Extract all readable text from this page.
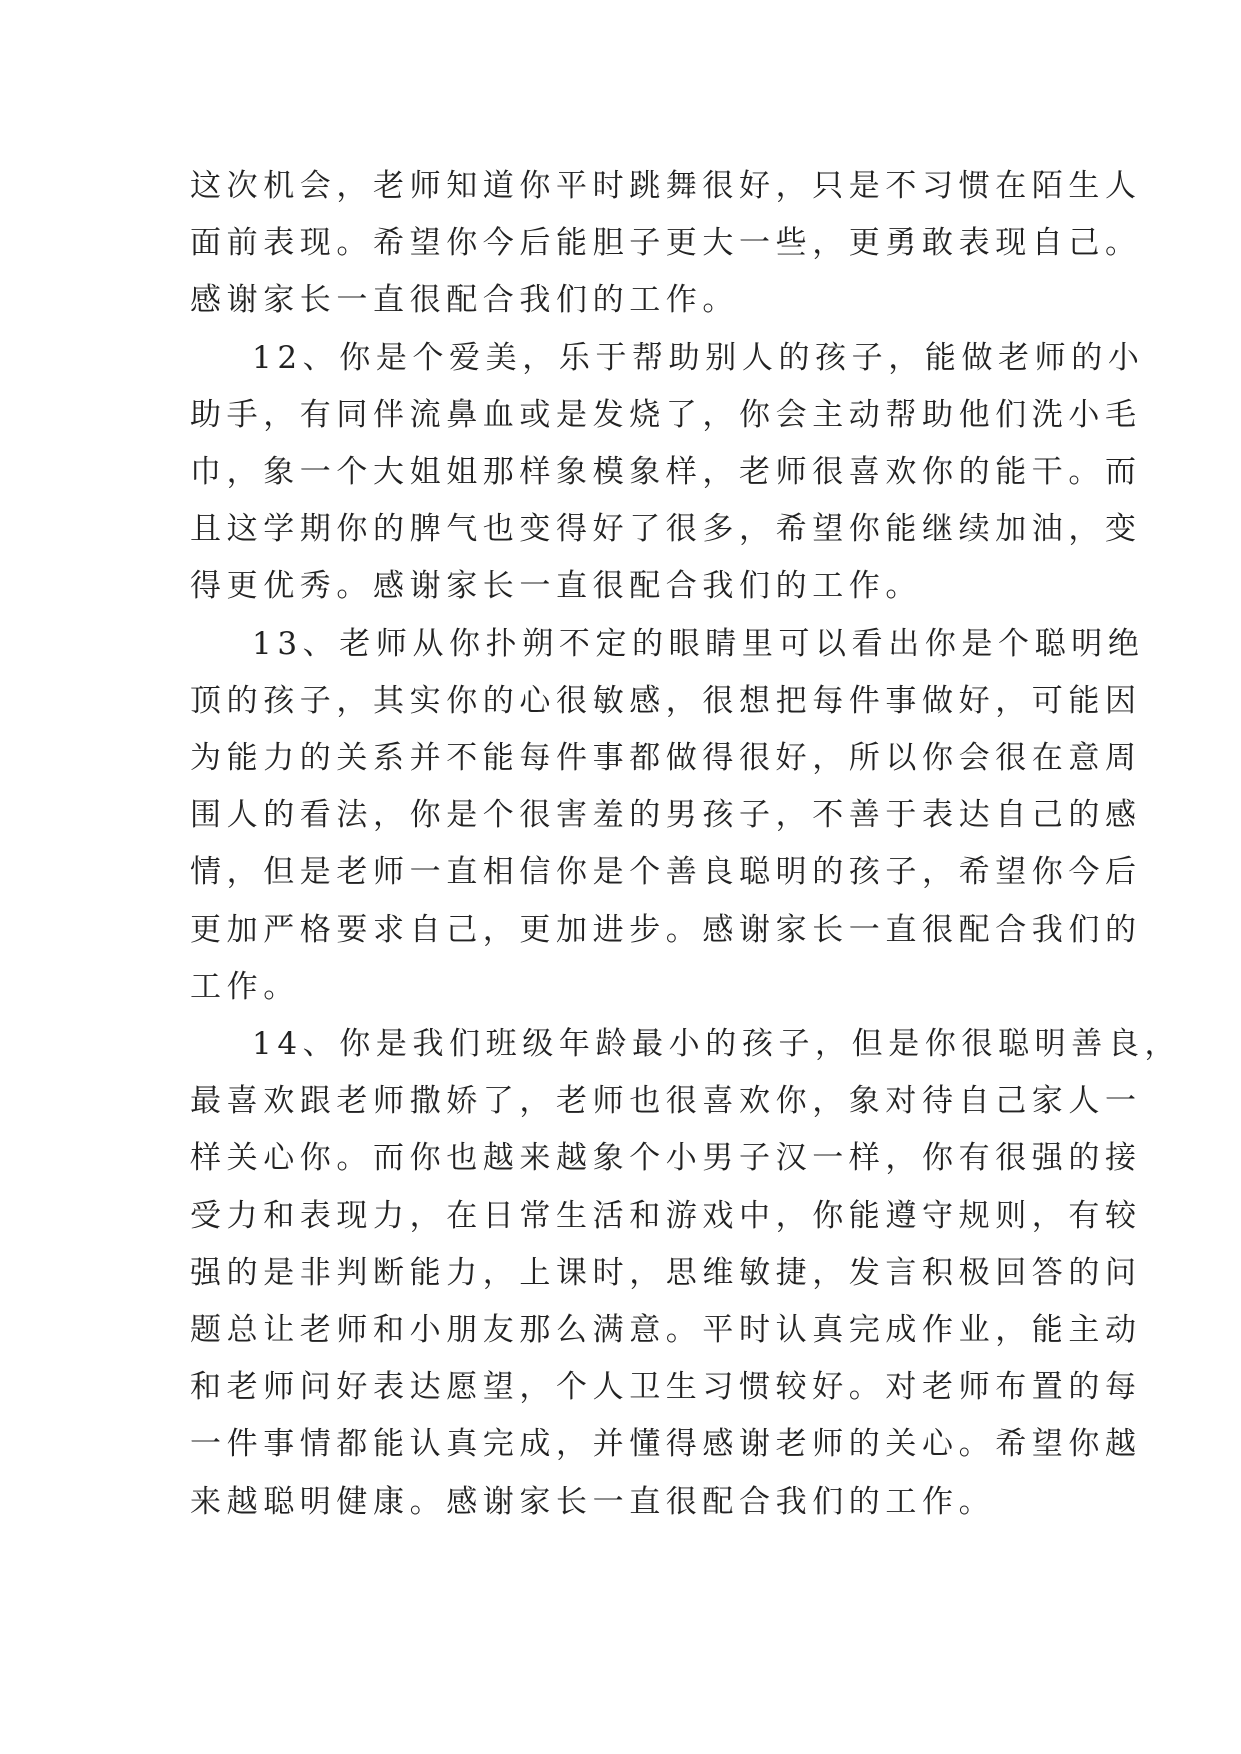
这次机会，老师知道你平时跳舞很好，只是不习惯在陌生人
面前表现。希望你今后能胆子更大一些，更勇敢表现自己。
感谢家长一直很配合我们的工作。

12、你是个爱美，乐于帮助别人的孩子，能做老师的小
助手，有同伴流鼻血或是发烧了，你会主动帮助他们洗小毛
巾，象一个大姐姐那样象模象样，老师很喜欢你的能干。而
且这学期你的脾气也变得好了很多，希望你能继续加油，变
得更优秀。感谢家长一直很配合我们的工作。

13、老师从你扑朔不定的眼睛里可以看出你是个聪明绝
顶的孩子，其实你的心很敏感，很想把每件事做好，可能因
为能力的关系并不能每件事都做得很好，所以你会很在意周
围人的看法，你是个很害羞的男孩子，不善于表达自己的感
情，但是老师一直相信你是个善良聪明的孩子，希望你今后
更加严格要求自己，更加进步。感谢家长一直很配合我们的
工作。

14、你是我们班级年龄最小的孩子，但是你很聪明善良，
最喜欢跟老师撒娇了，老师也很喜欢你，象对待自己家人一
样关心你。而你也越来越象个小男子汉一样，你有很强的接
受力和表现力，在日常生活和游戏中，你能遵守规则，有较
强的是非判断能力，上课时，思维敏捷，发言积极回答的问
题总让老师和小朋友那么满意。平时认真完成作业，能主动
和老师问好表达愿望，个人卫生习惯较好。对老师布置的每
一件事情都能认真完成，并懂得感谢老师的关心。希望你越
来越聪明健康。感谢家长一直很配合我们的工作。
